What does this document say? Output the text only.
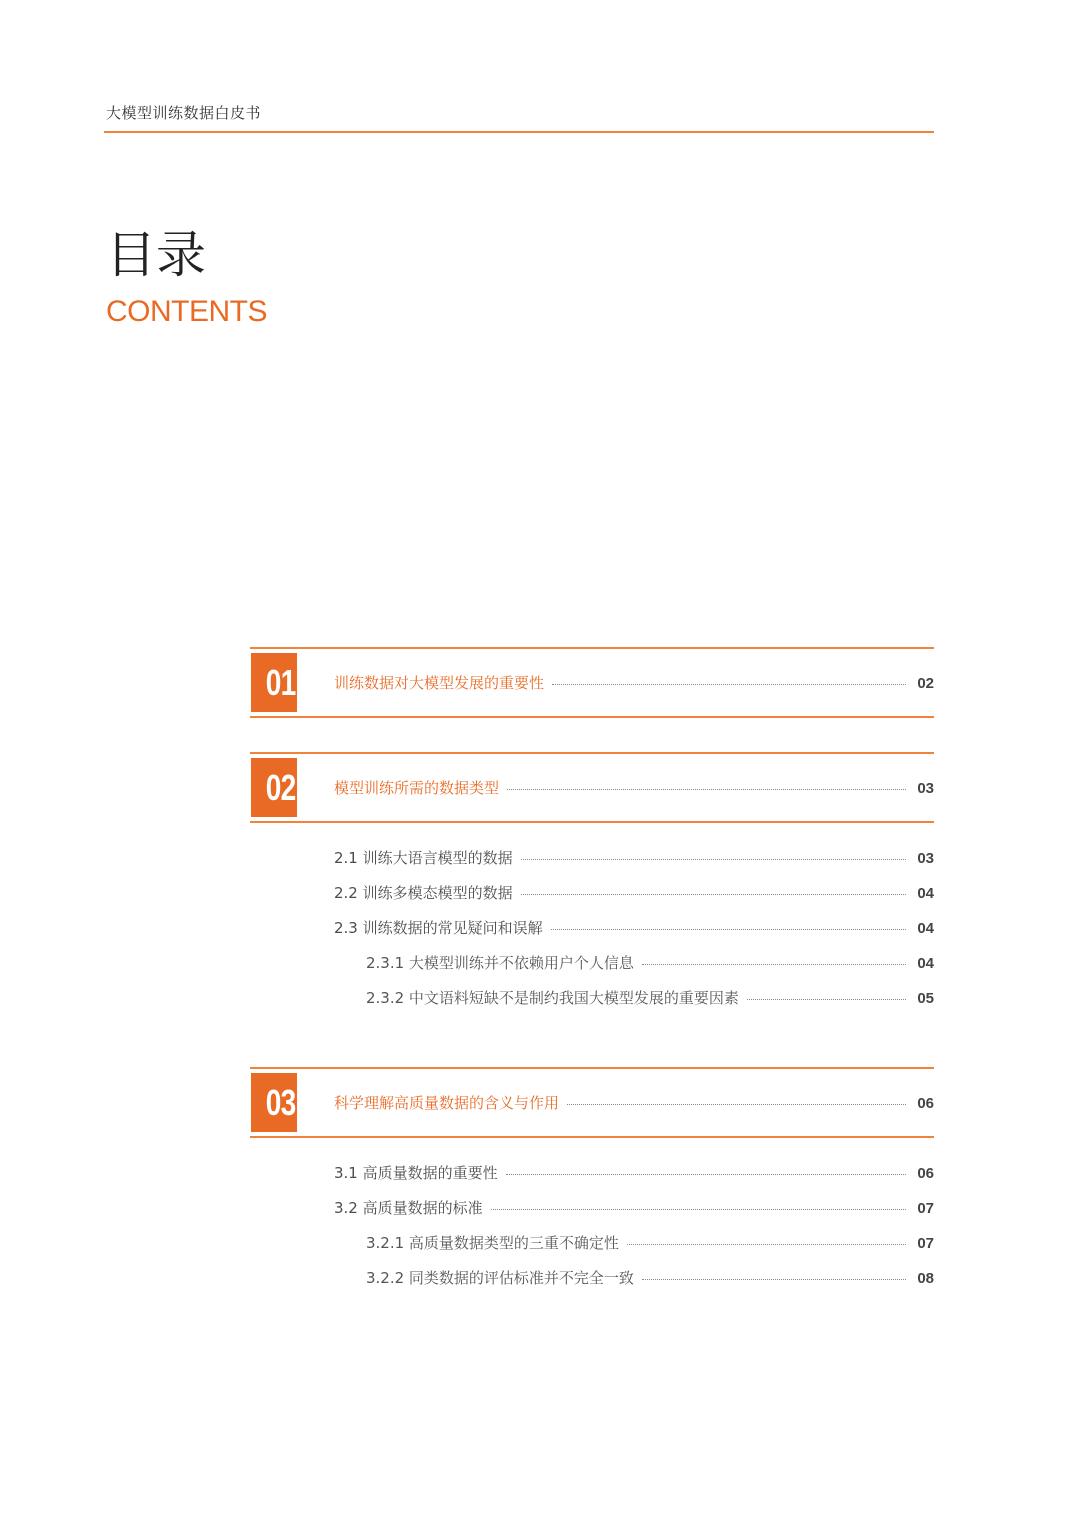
大模型训练数据白皮书
目录
CONTENTS
01	训练数据对大模型发展的重要性	02
02	模型训练所需的数据类型	03
2.1 训练大语言模型的数据	03
2.2 训练多模态模型的数据	04
2.3 训练数据的常见疑问和误解	04
2.3.1 大模型训练并不依赖用户个人信息	04
2.3.2 中文语料短缺不是制约我国大模型发展的重要因素	05
03	科学理解高质量数据的含义与作用	06
3.1 高质量数据的重要性	06
3.2 高质量数据的标准	07
3.2.1 高质量数据类型的三重不确定性	07
3.2.2 同类数据的评估标准并不完全一致	08
